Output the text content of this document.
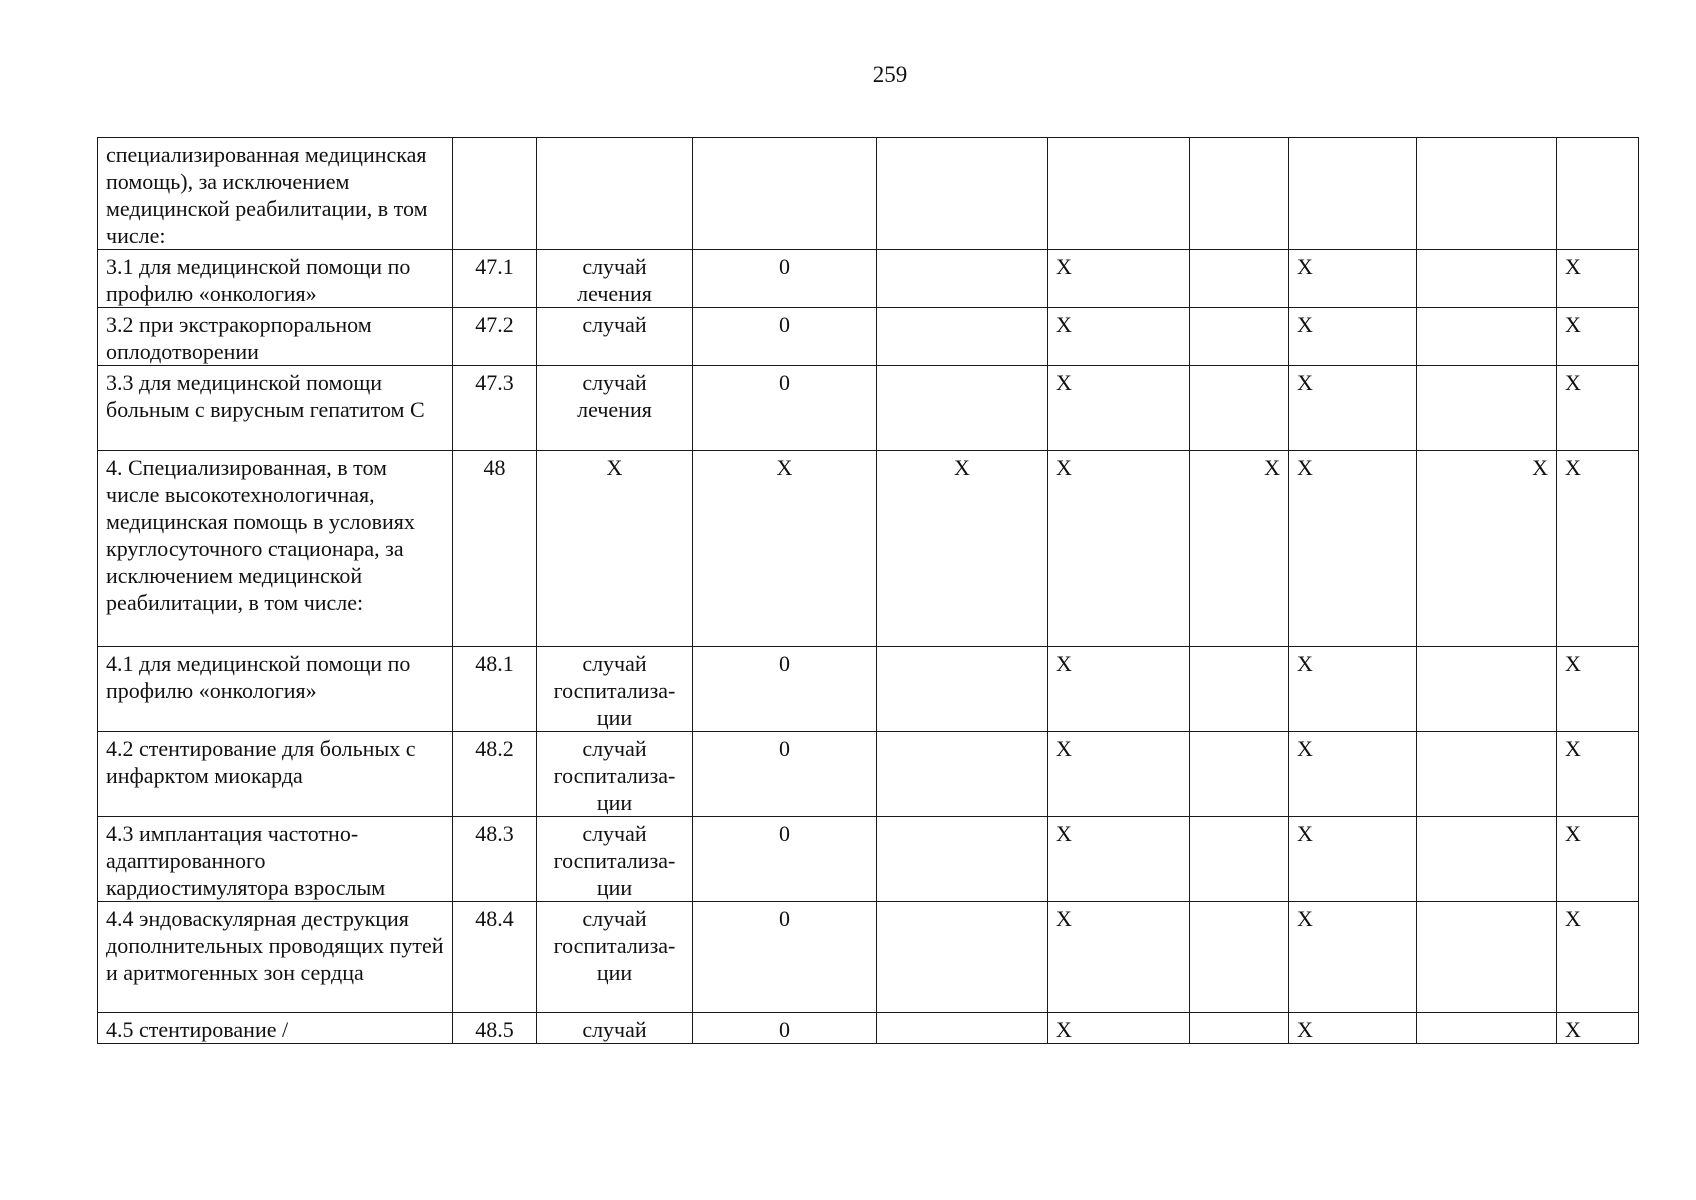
259
специализированная медицинская помощь), за исключением медицинской реабилитации, в том числе:									
3.1 для медицинской помощи по профилю «онкология»	47.1	случай лечения	0		X		X		X
3.2 при экстракорпоральном оплодотворении	47.2	случай	0		X		X		X
3.3 для медицинской помощи больным с вирусным гепатитом С	47.3	случай лечения	0		X		X		X
4. Специализированная, в том числе высокотехнологичная, медицинская помощь в условиях круглосуточного стационара, за исключением медицинской реабилитации, в том числе:	48	X	X	X	X	X	X	X	X
4.1 для медицинской помощи по профилю «онкология»	48.1	случай госпитализа-ции	0		X		X		X
4.2 стентирование для больных с инфарктом миокарда	48.2	случай госпитализа-ции	0		X		X		X
4.3 имплантация частотно-адаптированного кардиостимулятора взрослым	48.3	случай госпитализа-ции	0		X		X		X
4.4 эндоваскулярная деструкция дополнительных проводящих путей и аритмогенных зон сердца	48.4	случай госпитализа-ции	0		X		X		X
4.5 стентирование /	48.5	случай	0		X		X		X
